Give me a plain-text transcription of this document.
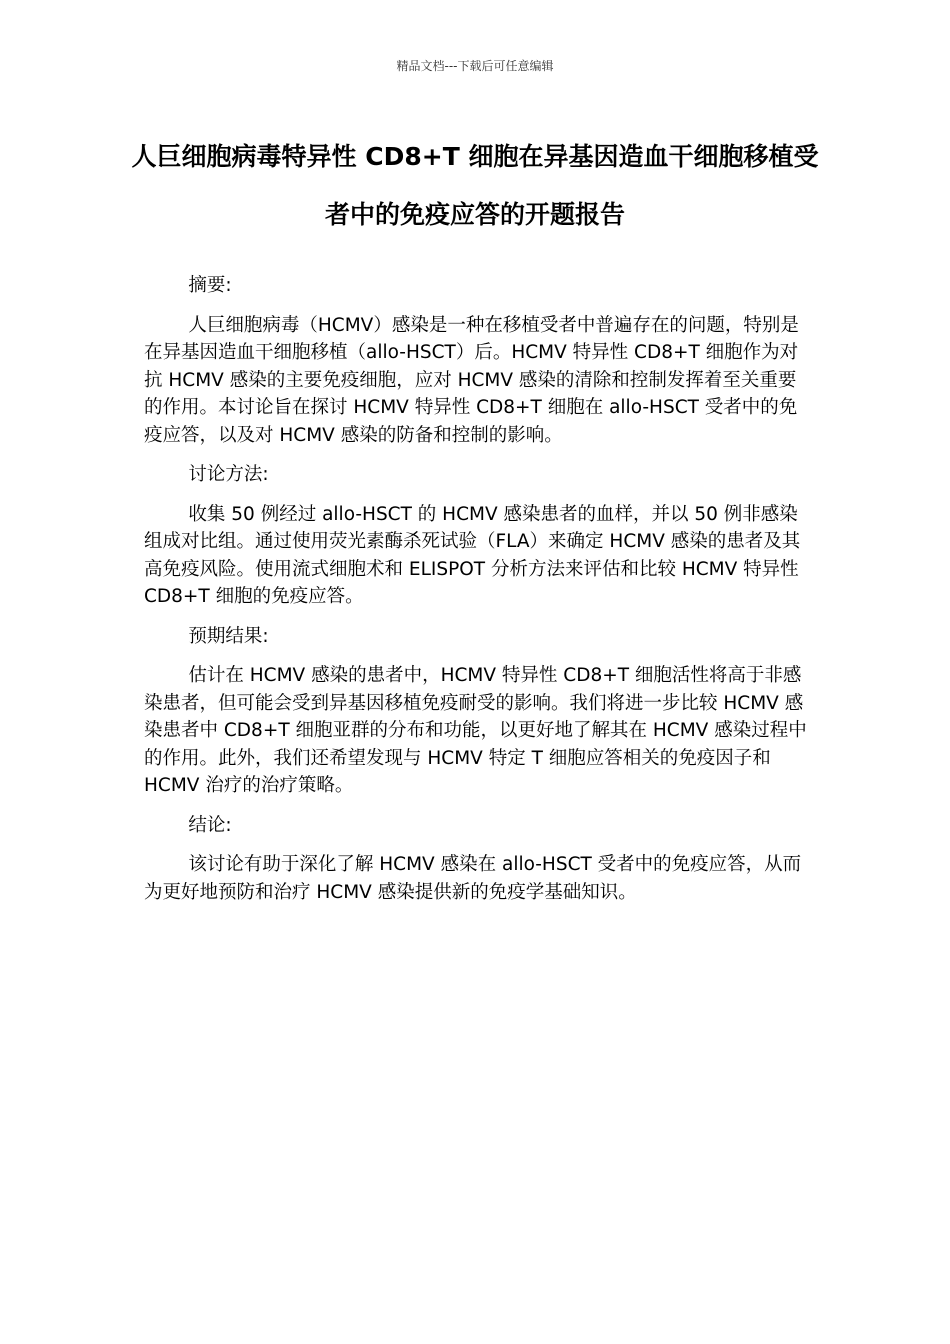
精品文档---下载后可任意编辑
人巨细胞病毒特异性 CD8+T 细胞在异基因造血干细胞移植受者中的免疫应答的开题报告

摘要:

人巨细胞病毒（HCMV）感染是一种在移植受者中普遍存在的问题，特别是在异基因造血干细胞移植（allo-HSCT）后。HCMV 特异性 CD8+T 细胞作为对抗 HCMV 感染的主要免疫细胞，应对 HCMV 感染的清除和控制发挥着至关重要的作用。本讨论旨在探讨 HCMV 特异性 CD8+T 细胞在 allo-HSCT 受者中的免疫应答，以及对 HCMV 感染的防备和控制的影响。

讨论方法:

收集 50 例经过 allo-HSCT 的 HCMV 感染患者的血样，并以 50 例非感染组成对比组。通过使用荧光素酶杀死试验（FLA）来确定 HCMV 感染的患者及其高免疫风险。使用流式细胞术和 ELISPOT 分析方法来评估和比较 HCMV 特异性 CD8+T 细胞的免疫应答。

预期结果:

估计在 HCMV 感染的患者中，HCMV 特异性 CD8+T 细胞活性将高于非感染患者，但可能会受到异基因移植免疫耐受的影响。我们将进一步比较 HCMV 感染患者中 CD8+T 细胞亚群的分布和功能，以更好地了解其在 HCMV 感染过程中的作用。此外，我们还希望发现与 HCMV 特定 T 细胞应答相关的免疫因子和 HCMV 治疗的治疗策略。

结论:

该讨论有助于深化了解 HCMV 感染在 allo-HSCT 受者中的免疫应答，从而为更好地预防和治疗 HCMV 感染提供新的免疫学基础知识。
